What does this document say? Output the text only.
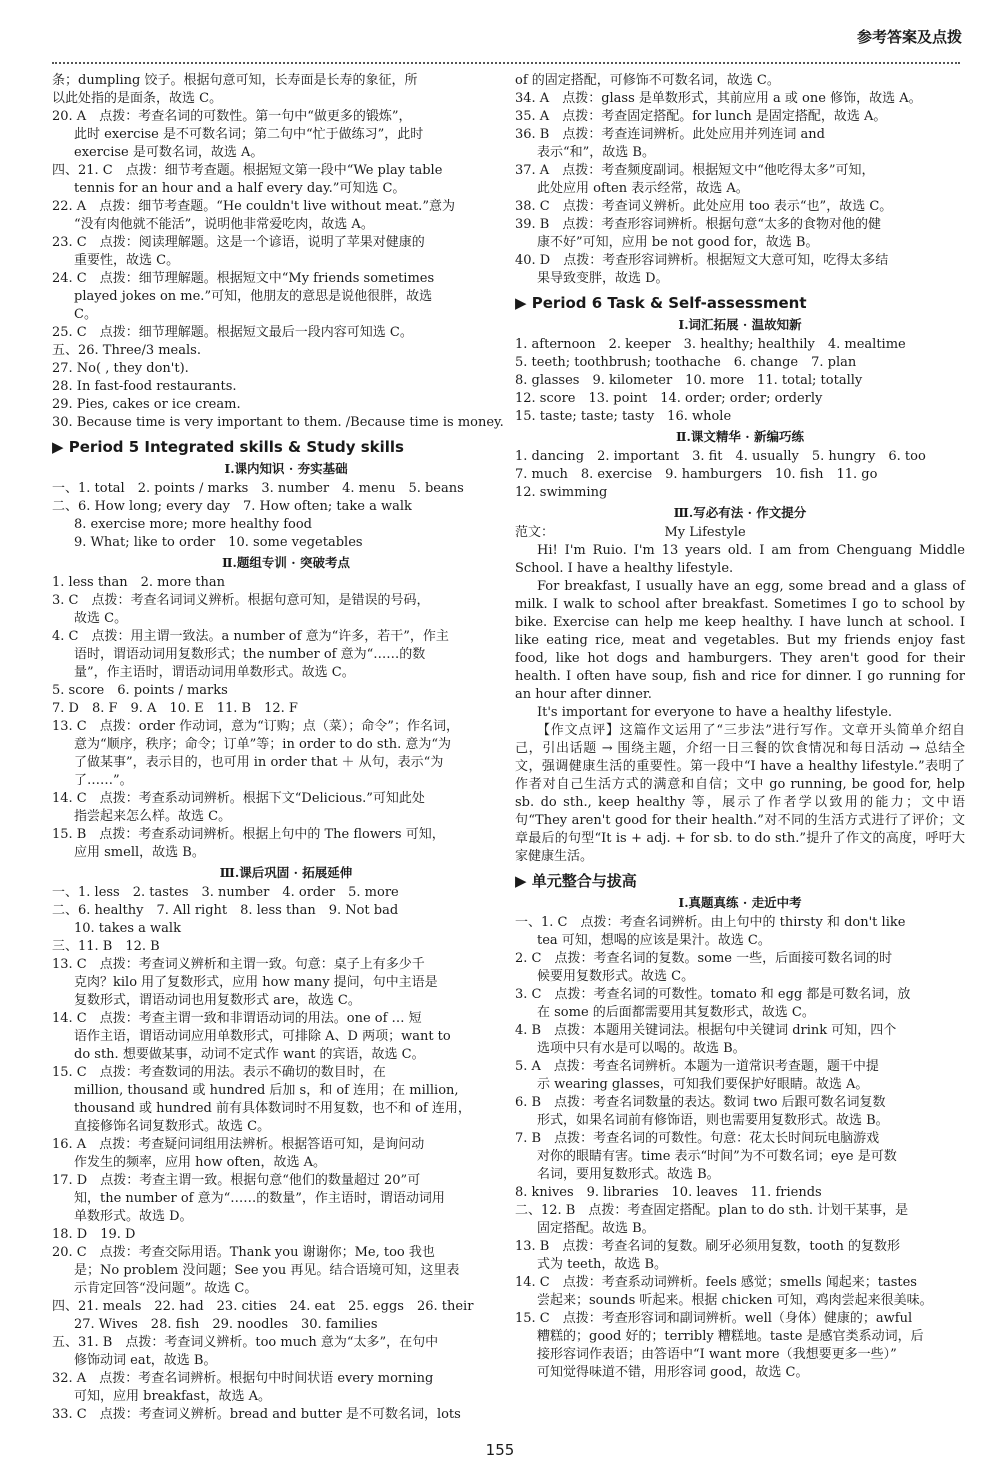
参考答案及点拨
条；dumpling 饺子。根据句意可知，长寿面是长寿的象征，所
以此处指的是面条，故选 C。
20. A　点拨：考查名词的可数性。第一句中“做更多的锻炼”，
此时 exercise 是不可数名词；第二句中“忙于做练习”，此时
exercise 是可数名词，故选 A。
四、21. C　点拨：细节考查题。根据短文第一段中“We play table
tennis for an hour and a half every day.”可知选 C。
22. A　点拨：细节考查题。“He couldn't live without meat.”意为
“没有肉他就不能活”，说明他非常爱吃肉，故选 A。
23. C　点拨：阅读理解题。这是一个谚语，说明了苹果对健康的
重要性，故选 C。
24. C　点拨：细节理解题。根据短文中“My friends sometimes
played jokes on me.”可知，他朋友的意思是说他很胖，故选
C。
25. C　点拨：细节理解题。根据短文最后一段内容可知选 C。
五、26. Three/3 meals.
27. No( , they don't).
28. In fast-food restaurants.
29. Pies, cakes or ice cream.
30. Because time is very important to them. /Because time is money.
▶ Period 5 Integrated skills & Study skills
Ⅰ.课内知识 · 夯实基础
一、1. total　2. points / marks　3. number　4. menu　5. beans
二、6. How long; every day　7. How often; take a walk
8. exercise more; more healthy food
9. What; like to order　10. some vegetables
Ⅱ.题组专训 · 突破考点
1. less than　2. more than
3. C　点拨：考查名词词义辨析。根据句意可知，是错误的号码，
故选 C。
4. C　点拨：用主谓一致法。a number of 意为“许多，若干”，作主
语时，谓语动词用复数形式；the number of 意为“……的数
量”，作主语时，谓语动词用单数形式。故选 C。
5. score　6. points / marks
7. D　8. F　9. A　10. E　11. B　12. F
13. C　点拨：order 作动词，意为“订购；点（菜）；命令”；作名词，
意为“顺序，秩序；命令；订单”等；in order to do sth. 意为“为
了做某事”，表示目的，也可用 in order that ＋ 从句，表示“为
了……”。
14. C　点拨：考查系动词辨析。根据下文“Delicious.”可知此处
指尝起来怎么样。故选 C。
15. B　点拨：考查系动词辨析。根据上句中的 The flowers 可知，
应用 smell，故选 B。
Ⅲ.课后巩固 · 拓展延伸
一、1. less　2. tastes　3. number　4. order　5. more
二、6. healthy　7. All right　8. less than　9. Not bad
10. takes a walk
三、11. B　12. B
13. C　点拨：考查词义辨析和主谓一致。句意：桌子上有多少千
克肉？kilo 用了复数形式，应用 how many 提问，句中主语是
复数形式，谓语动词也用复数形式 are，故选 C。
14. C　点拨：考查主谓一致和非谓语动词的用法。one of … 短
语作主语，谓语动词应用单数形式，可排除 A、D 两项；want to
do sth. 想要做某事，动词不定式作 want 的宾语，故选 C。
15. C　点拨：考查数词的用法。表示不确切的数目时，在
million, thousand 或 hundred 后加 s，和 of 连用；在 million,
thousand 或 hundred 前有具体数词时不用复数，也不和 of 连用，
直接修饰名词复数形式。故选 C。
16. A　点拨：考查疑问词组用法辨析。根据答语可知，是询问动
作发生的频率，应用 how often，故选 A。
17. D　点拨：考查主谓一致。根据句意“他们的数量超过 20”可
知，the number of 意为“……的数量”，作主语时，谓语动词用
单数形式。故选 D。
18. D　19. D
20. C　点拨：考查交际用语。Thank you 谢谢你；Me, too 我也
是；No problem 没问题；See you 再见。结合语境可知，这里表
示肯定回答“没问题”。故选 C。
四、21. meals　22. had　23. cities　24. eat　25. eggs　26. their
27. Wives　28. fish　29. noodles　30. families
五、31. B　点拨：考查词义辨析。too much 意为“太多”，在句中
修饰动词 eat，故选 B。
32. A　点拨：考查名词辨析。根据句中时间状语 every morning
可知，应用 breakfast，故选 A。
33. C　点拨：考查词义辨析。bread and butter 是不可数名词，lots
of 的固定搭配，可修饰不可数名词，故选 C。
34. A　点拨：glass 是单数形式，其前应用 a 或 one 修饰，故选 A。
35. A　点拨：考查固定搭配。for lunch 是固定搭配，故选 A。
36. B　点拨：考查连词辨析。此处应用并列连词 and
表示“和”，故选 B。
37. A　点拨：考查频度副词。根据短文中“他吃得太多”可知，
此处应用 often 表示经常，故选 A。
38. C　点拨：考查词义辨析。此处应用 too 表示“也”，故选 C。
39. B　点拨：考查形容词辨析。根据句意“太多的食物对他的健
康不好”可知，应用 be not good for，故选 B。
40. D　点拨：考查形容词辨析。根据短文大意可知，吃得太多结
果导致变胖，故选 D。
▶ Period 6 Task & Self-assessment
Ⅰ.词汇拓展 · 温故知新
1. afternoon　2. keeper　3. healthy; healthily　4. mealtime
5. teeth; toothbrush; toothache　6. change　7. plan
8. glasses　9. kilometer　10. more　11. total; totally
12. score　13. point　14. order; order; orderly
15. taste; taste; tasty　16. whole
Ⅱ.课文精华 · 新编巧练
1. dancing　2. important　3. fit　4. usually　5. hungry　6. too
7. much　8. exercise　9. hamburgers　10. fish　11. go
12. swimming
Ⅲ.写必有法 · 作文提分
范文：　　　　　　　　　My Lifestyle
Hi! I'm Ruio. I'm 13 years old. I am from Chenguang Middle School. I have a healthy lifestyle.
For breakfast, I usually have an egg, some bread and a glass of milk. I walk to school after breakfast. Sometimes I go to school by bike. Exercise can help me keep healthy. I have lunch at school. I like eating rice, meat and vegetables. But my friends enjoy fast food, like hot dogs and hamburgers. They aren't good for their health. I often have soup, fish and rice for dinner. I go running for an hour after dinner.
It's important for everyone to have a healthy lifestyle.
【作文点评】这篇作文运用了“三步法”进行写作。文章开头简单介绍自己，引出话题 → 围绕主题，介绍一日三餐的饮食情况和每日活动 → 总结全文，强调健康生活的重要性。第一段中“I have a healthy lifestyle.”表明了作者对自己生活方式的满意和自信；文中 go running, be good for, help sb. do sth., keep healthy 等，展示了作者学以致用的能力；文中语句“They aren't good for their health.”对不同的生活方式进行了评价；文章最后的句型“It is + adj. + for sb. to do sth.”提升了作文的高度，呼吁大家健康生活。
▶ 单元整合与拔高
Ⅰ.真题真练 · 走近中考
一、1. C　点拨：考查名词辨析。由上句中的 thirsty 和 don't like
tea 可知，想喝的应该是果汁。故选 C。
2. C　点拨：考查名词的复数。some 一些，后面接可数名词的时
候要用复数形式。故选 C。
3. C　点拨：考查名词的可数性。tomato 和 egg 都是可数名词，放
在 some 的后面都需要用其复数形式，故选 C。
4. B　点拨：本题用关键词法。根据句中关键词 drink 可知，四个
选项中只有水是可以喝的。故选 B。
5. A　点拨：考查名词辨析。本题为一道常识考查题，题干中提
示 wearing glasses，可知我们要保护好眼睛。故选 A。
6. B　点拨：考查名词数量的表达。数词 two 后跟可数名词复数
形式，如果名词前有修饰语，则也需要用复数形式。故选 B。
7. B　点拨：考查名词的可数性。句意：花太长时间玩电脑游戏
对你的眼睛有害。time 表示“时间”为不可数名词；eye 是可数
名词，要用复数形式。故选 B。
8. knives　9. libraries　10. leaves　11. friends
二、12. B　点拨：考查固定搭配。plan to do sth. 计划干某事，是
固定搭配。故选 B。
13. B　点拨：考查名词的复数。刷牙必须用复数，tooth 的复数形
式为 teeth，故选 B。
14. C　点拨：考查系动词辨析。feels 感觉；smells 闻起来；tastes
尝起来；sounds 听起来。根据 chicken 可知，鸡肉尝起来很美味。
15. C　点拨：考查形容词和副词辨析。well（身体）健康的；awful
糟糕的；good 好的；terribly 糟糕地。taste 是感官类系动词，后
接形容词作表语；由答语中“I want more（我想要更多一些）”
可知觉得味道不错，用形容词 good，故选 C。
155
